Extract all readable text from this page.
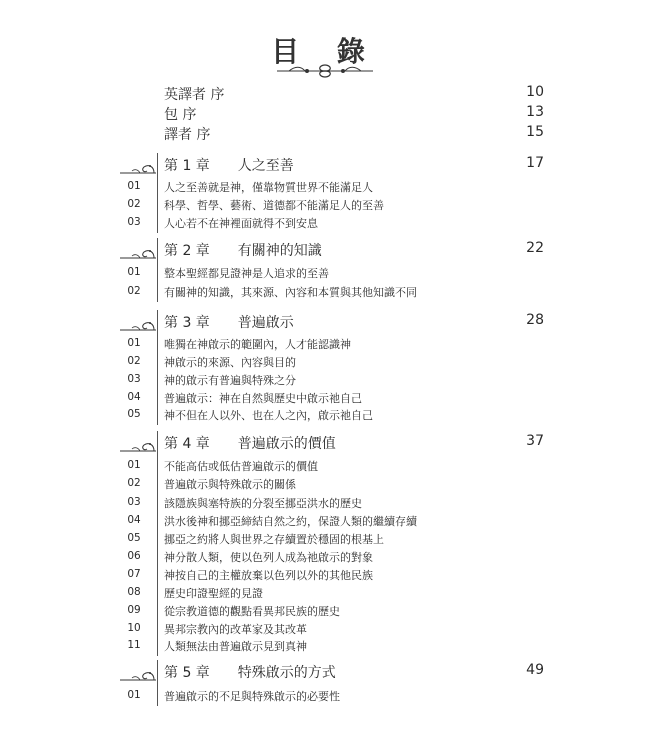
目 錄
英譯者 序	10
包 序	13
譯者 序	15
第 1 章　　人之至善	17
01	人之至善就是神，僅靠物質世界不能滿足人
02	科學、哲學、藝術、道德都不能滿足人的至善
03	人心若不在神裡面就得不到安息
第 2 章　　有關神的知識	22
01	整本聖經都見證神是人追求的至善
02	有關神的知識，其來源、內容和本質與其他知識不同
第 3 章　　普遍啟示	28
01	唯獨在神啟示的範圍內，人才能認識神
02	神啟示的來源、內容與目的
03	神的啟示有普遍與特殊之分
04	普遍啟示：神在自然與歷史中啟示祂自己
05	神不但在人以外、也在人之內，啟示祂自己
第 4 章　　普遍啟示的價值	37
01	不能高估或低估普遍啟示的價值
02	普遍啟示與特殊啟示的關係
03	該隱族與塞特族的分裂至挪亞洪水的歷史
04	洪水後神和挪亞締結自然之約，保證人類的繼續存續
05	挪亞之約將人與世界之存續置於穩固的根基上
06	神分散人類，使以色列人成為祂啟示的對象
07	神按自己的主權放棄以色列以外的其他民族
08	歷史印證聖經的見證
09	從宗教道德的觀點看異邦民族的歷史
10	異邦宗教內的改革家及其改革
11	人類無法由普遍啟示見到真神
第 5 章　　特殊啟示的方式	49
01	普遍啟示的不足與特殊啟示的必要性
